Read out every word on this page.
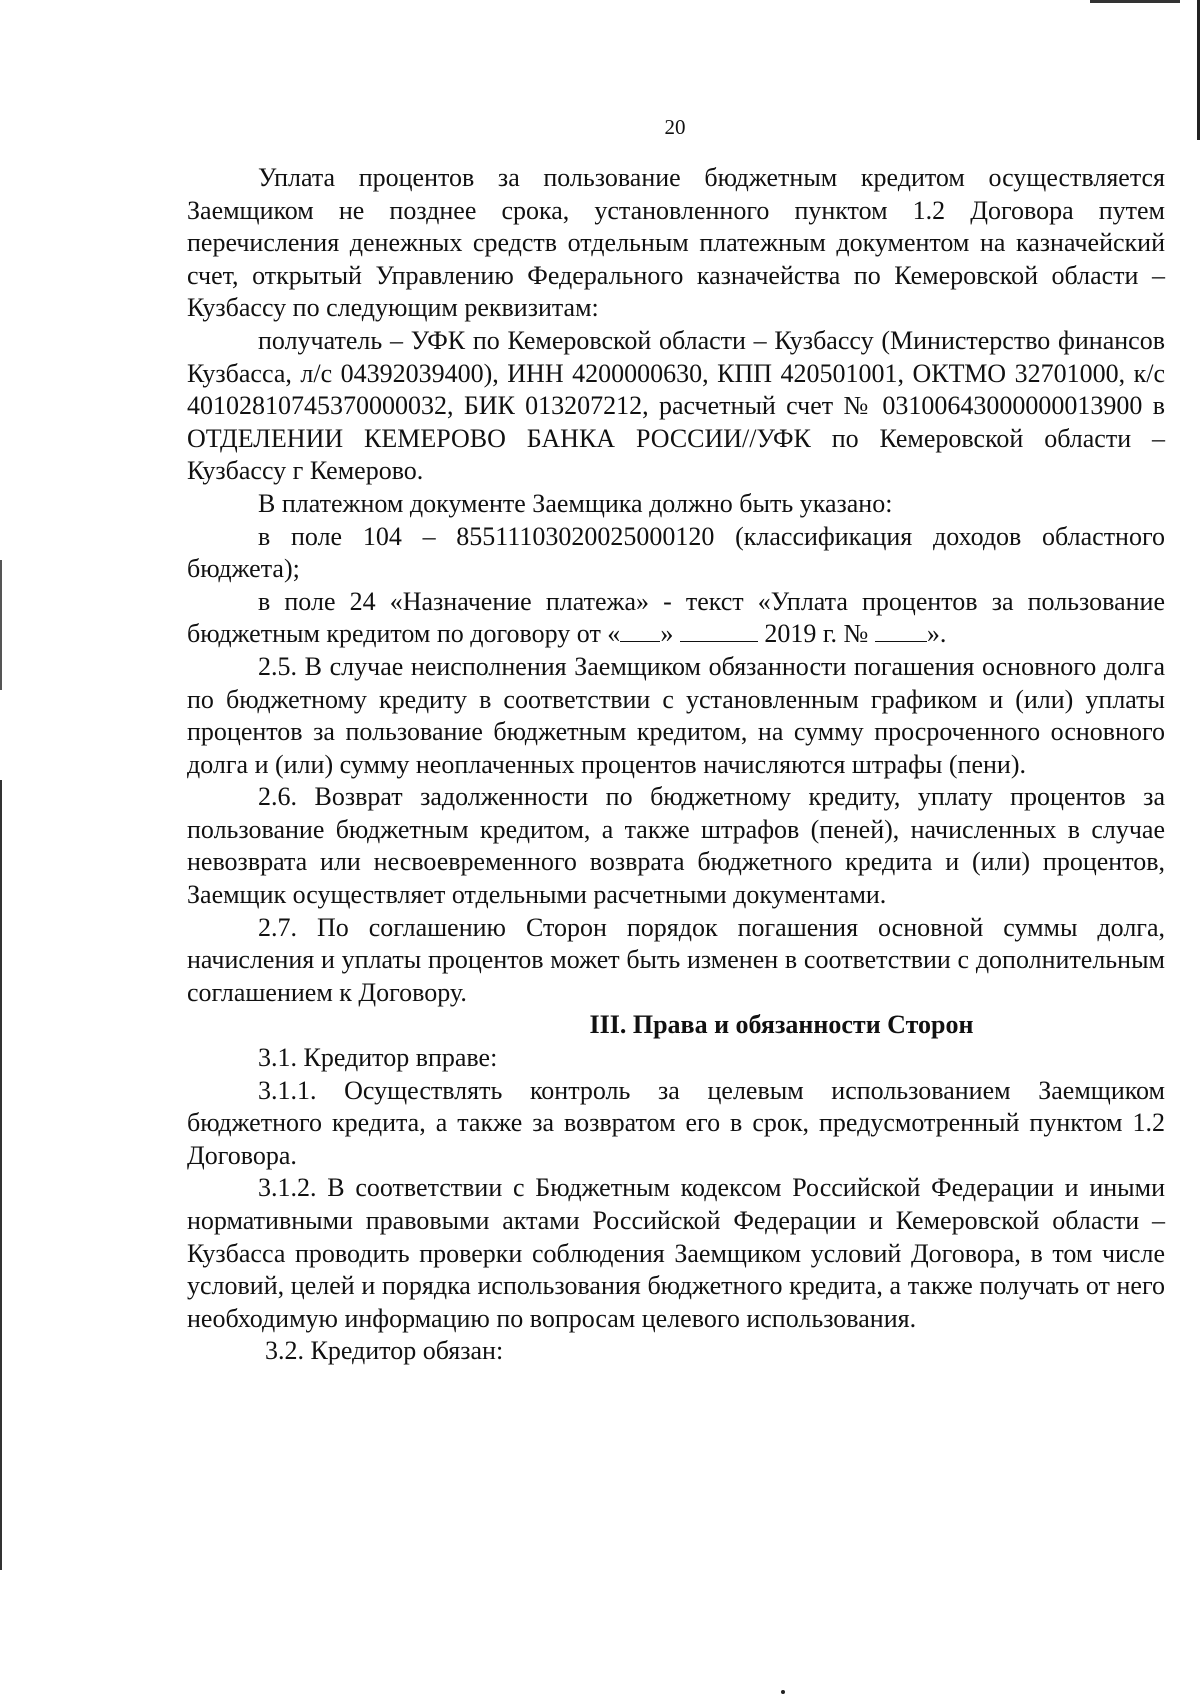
20

Уплата процентов за пользование бюджетным кредитом осуществляется Заемщиком не позднее срока, установленного пунктом 1.2 Договора путем перечисления денежных средств отдельным платежным документом на казначейский счет, открытый Управлению Федерального казначейства по Кемеровской области – Кузбассу по следующим реквизитам:

получатель – УФК по Кемеровской области – Кузбассу (Министерство финансов Кузбасса, л/с 04392039400), ИНН 4200000630, КПП 420501001, ОКТМО 32701000, к/с 40102810745370000032, БИК 013207212, расчетный счет № 03100643000000013900 в ОТДЕЛЕНИИ КЕМЕРОВО БАНКА РОССИИ//УФК по Кемеровской области – Кузбассу г Кемерово.

В платежном документе Заемщика должно быть указано:

в поле 104 – 85511103020025000120 (классификация доходов областного бюджета);

в поле 24 «Назначение платежа» - текст «Уплата процентов за пользование бюджетным кредитом по договору от « »	2019 г. № ».

2.5. В случае неисполнения Заемщиком обязанности погашения основного долга по бюджетному кредиту в соответствии с установленным графиком и (или) уплаты процентов за пользование бюджетным кредитом, на сумму просроченного основного долга и (или) сумму неоплаченных процентов начисляются штрафы (пени).

2.6. Возврат задолженности по бюджетному кредиту, уплату процентов за пользование бюджетным кредитом, а также штрафов (пеней), начисленных в случае невозврата или несвоевременного возврата бюджетного кредита и (или) процентов, Заемщик осуществляет отдельными расчетными документами.

2.7. По соглашению Сторон порядок погашения основной суммы долга, начисления и уплаты процентов может быть изменен в соответствии с дополнительным соглашением к Договору.

III. Права и обязанности Сторон

3.1. Кредитор вправе:

3.1.1. Осуществлять контроль за целевым использованием Заемщиком бюджетного кредита, а также за возвратом его в срок, предусмотренный пунктом 1.2 Договора.

3.1.2. В соответствии с Бюджетным кодексом Российской Федерации и иными нормативными правовыми актами Российской Федерации и Кемеровской области – Кузбасса проводить проверки соблюдения Заемщиком условий Договора, в том числе условий, целей и порядка использования бюджетного кредита, а также получать от него необходимую информацию по вопросам целевого использования.

3.2. Кредитор обязан:
